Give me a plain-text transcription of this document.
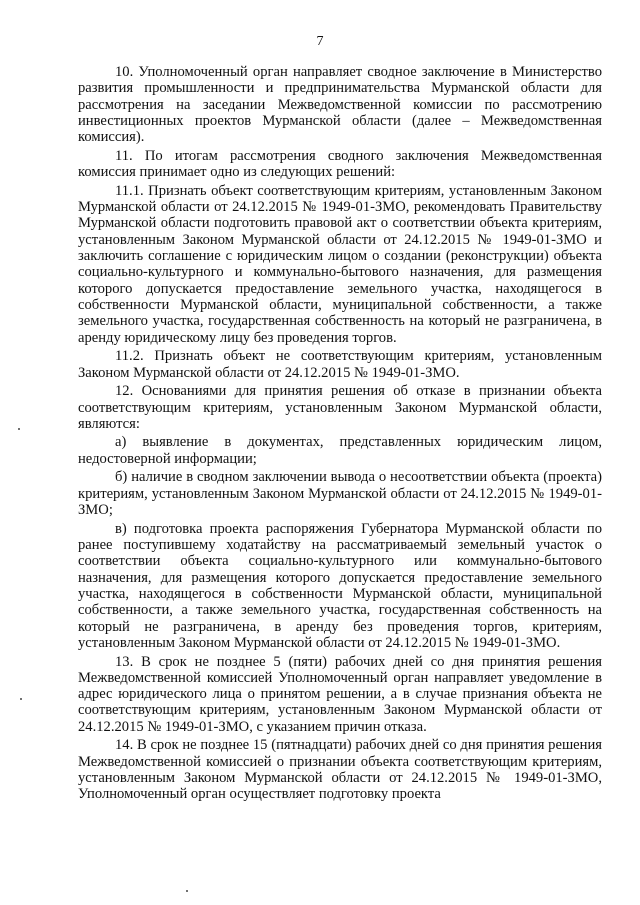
7

10. Уполномоченный орган направляет сводное заключение в Министерство развития промышленности и предпринимательства Мурманской области для рассмотрения на заседании Межведомственной комиссии по рассмотрению инвестиционных проектов Мурманской области (далее – Межведомственная комиссия).

11. По итогам рассмотрения сводного заключения Межведомственная комиссия принимает одно из следующих решений:

11.1. Признать объект соответствующим критериям, установленным Законом Мурманской области от 24.12.2015 № 1949-01-ЗМО, рекомендовать Правительству Мурманской области подготовить правовой акт о соответствии объекта критериям, установленным Законом Мурманской области от 24.12.2015 № 1949-01-ЗМО и заключить соглашение с юридическим лицом о создании (реконструкции) объекта социально-культурного и коммунально-бытового назначения, для размещения которого допускается предоставление земельного участка, находящегося в собственности Мурманской области, муниципальной собственности, а также земельного участка, государственная собственность на который не разграничена, в аренду юридическому лицу без проведения торгов.

11.2. Признать объект не соответствующим критериям, установленным Законом Мурманской области от 24.12.2015 № 1949-01-ЗМО.

12. Основаниями для принятия решения об отказе в признании объекта соответствующим критериям, установленным Законом Мурманской области, являются:

а) выявление в документах, представленных юридическим лицом, недостоверной информации;

б) наличие в сводном заключении вывода о несоответствии объекта (проекта) критериям, установленным Законом Мурманской области от 24.12.2015 № 1949-01-ЗМО;

в) подготовка проекта распоряжения Губернатора Мурманской области по ранее поступившему ходатайству на рассматриваемый земельный участок о соответствии объекта социально-культурного или коммунально-бытового назначения, для размещения которого допускается предоставление земельного участка, находящегося в собственности Мурманской области, муниципальной собственности, а также земельного участка, государственная собственность на который не разграничена, в аренду без проведения торгов, критериям, установленным Законом Мурманской области от 24.12.2015 № 1949-01-ЗМО.

13. В срок не позднее 5 (пяти) рабочих дней со дня принятия решения Межведомственной комиссией Уполномоченный орган направляет уведомление в адрес юридического лица о принятом решении, а в случае признания объекта не соответствующим критериям, установленным Законом Мурманской области от 24.12.2015 № 1949-01-ЗМО, с указанием причин отказа.

14. В срок не позднее 15 (пятнадцати) рабочих дней со дня принятия решения Межведомственной комиссией о признании объекта соответствующим критериям, установленным Законом Мурманской области от 24.12.2015 № 1949-01-ЗМО, Уполномоченный орган осуществляет подготовку проекта
